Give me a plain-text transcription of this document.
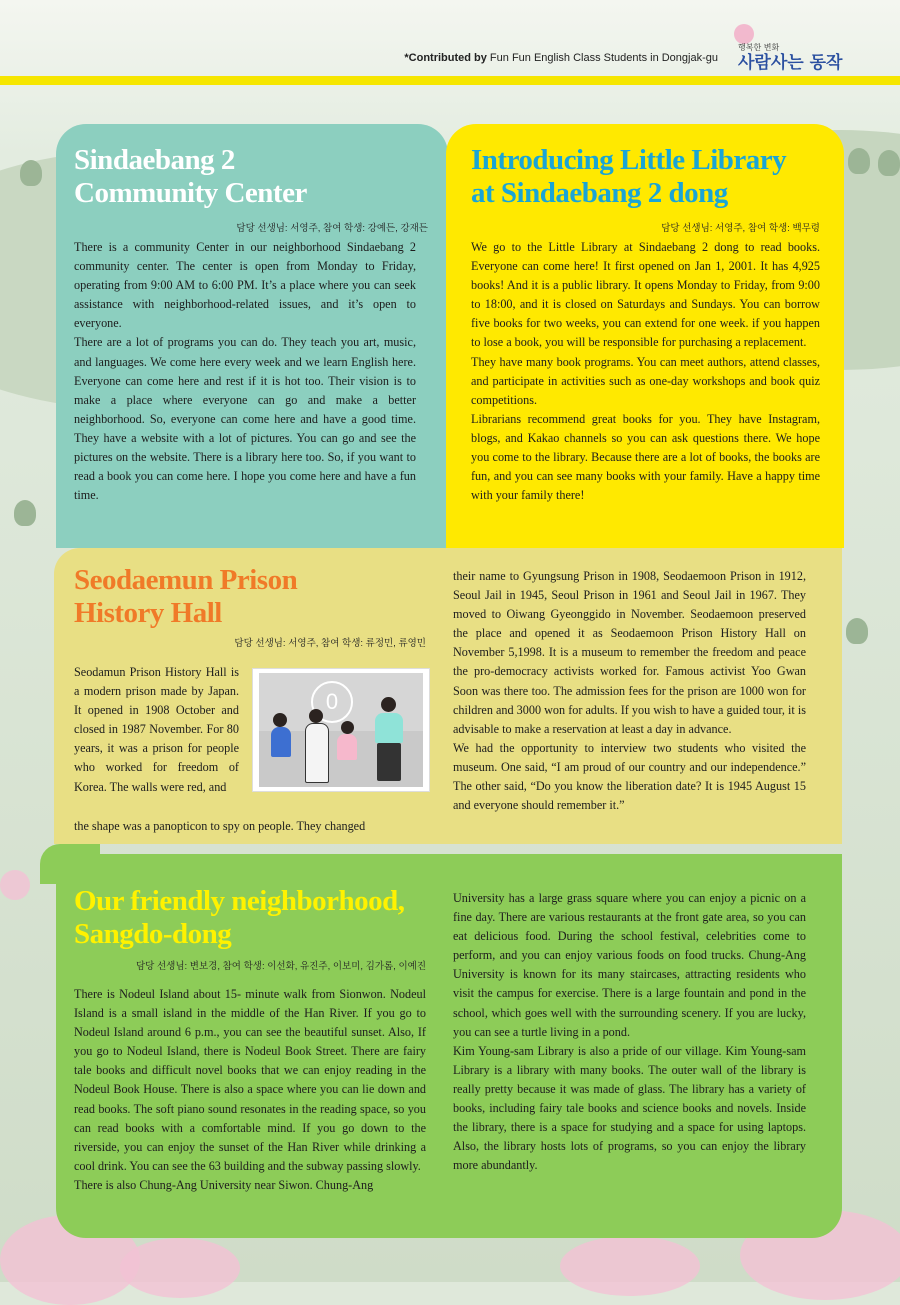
*Contributed by Fun Fun English Class Students in Dongjak-gu
행복한 변화
사람사는 동작
Sindaebang 2
Community Center
담당 선생님: 서영주, 참여 학생: 강예든, 강재든

There is a community Center in our neighborhood Sindaebang 2 community center. The center is open from Monday to Friday, operating from 9:00 AM to 6:00 PM. It’s a place where you can seek assistance with neighborhood-related issues, and it’s open to everyone.

There are a lot of programs you can do. They teach you art, music, and languages. We come here every week and we learn English here. Everyone can come here and rest if it is hot too. Their vision is to make a place where everyone can go and make a better neighborhood. So, everyone can come here and have a good time. They have a website with a lot of pictures. You can go and see the pictures on the website. There is a library here too. So, if you want to read a book you can come here. I hope you come here and have a fun time.

Introducing Little Library
at Sindaebang 2 dong
담당 선생님: 서영주, 참여 학생: 백무령

We go to the Little Library at Sindaebang 2 dong to read books. Everyone can come here! It first opened on Jan 1, 2001. It has 4,925 books! And it is a public library. It opens Monday to Friday, from 9:00 to 18:00, and it is closed on Saturdays and Sundays. You can borrow five books for two weeks, you can extend for one week. if you happen to lose a book, you will be responsible for purchasing a replacement.

They have many book programs. You can meet authors, attend classes, and participate in activities such as one-day workshops and book quiz competitions.

Librarians recommend great books for you. They have Instagram, blogs, and Kakao channels so you can ask questions there. We hope you come to the library. Because there are a lot of books, the books are fun, and you can see many books with your family. Have a happy time with your family there!

Seodaemun Prison
History Hall
담당 선생님: 서영주, 참여 학생: 류정민, 류영민

Seodamun Prison History Hall is a modern prison made by Japan. It opened in 1908 October and closed in 1987 November. For 80 years, it was a prison for people who worked for freedom of Korea. The walls were red, and

the shape was a panopticon to spy on people. They changed

0

their name to Gyungsung Prison in 1908, Seodaemoon Prison in 1912, Seoul Jail in 1945, Seoul Prison in 1961 and Seoul Jail in 1967. They moved to Oiwang Gyeonggido in November. Seodaemoon preserved the place and opened it as Seodaemoon Prison History Hall on November 5,1998. It is a museum to remember the freedom and peace the pro-democracy activists worked for. Famous activist Yoo Gwan Soon was there too. The admission fees for the prison are 1000 won for children and 3000 won for adults. If you wish to have a guided tour, it is advisable to make a reservation at least a day in advance.

We had the opportunity to interview two students who visited the museum. One said, “I am proud of our country and our independence.” The other said, “Do you know the liberation date? It is 1945 August 15 and everyone should remember it.”

Our friendly neighborhood,
Sangdo-dong
담당 선생님: 변보경, 참여 학생: 이선화, 유진주, 이보미, 김가롬, 이예진

There is Nodeul Island about 15- minute walk from Sionwon. Nodeul Island is a small island in the middle of the Han River. If you go to Nodeul Island around 6 p.m., you can see the beautiful sunset. Also, If you go to Nodeul Island, there is Nodeul Book Street. There are fairy tale books and difficult novel books that we can enjoy reading in the Nodeul Book House. There is also a space where you can lie down and read books. The soft piano sound resonates in the reading space, so you can read books with a comfortable mind. If you go down to the riverside, you can enjoy the sunset of the Han River while drinking a cool drink. You can see the 63 building and the subway passing slowly.

There is also Chung-Ang University near Siwon. Chung-Ang

University has a large grass square where you can enjoy a picnic on a fine day. There are various restaurants at the front gate area, so you can eat delicious food. During the school festival, celebrities come to perform, and you can enjoy various foods on food trucks. Chung-Ang University is known for its many staircases, attracting residents who visit the campus for exercise. There is a large fountain and pond in the school, which goes well with the surrounding scenery. If you are lucky, you can see a turtle living in a pond.

Kim Young-sam Library is also a pride of our village. Kim Young-sam Library is a library with many books. The outer wall of the library is really pretty because it was made of glass. The library has a variety of books, including fairy tale books and science books and novels. Inside the library, there is a space for studying and a space for using laptops. Also, the library hosts lots of programs, so you can enjoy the library more abundantly.
